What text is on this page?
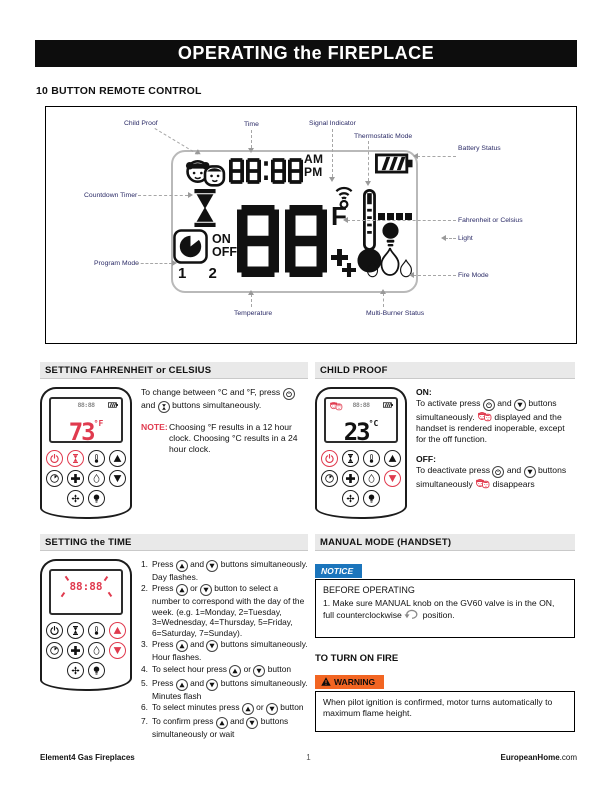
OPERATING the FIREPLACE
10 BUTTON REMOTE CONTROL
AM
PM
F
ON
OFF
1 2
Child Proof	Time	Signal Indicator
Thermostatic Mode
Battery Status
Countdown Timer
Program Mode
Fahrenheit or Celsius
Light
Fire Mode
Temperature	Multi-Burner Status
SETTING FAHRENHEIT or CELSIUS
88:88
$73^{^\circ F}$
To change between °C and °F, press
and buttons simultaneously.
NOTE: Choosing °F results in a 12 hour clock. Choosing °C results in a 24 hour clock.
CHILD PROOF
88:88
$23^{^\circ C}$
ON:
To activate press and buttons simultaneously. displayed and the handset is rendered inoperable, except for the off function.
OFF:
To deactivate press and buttons simultaneously disappears
SETTING the TIME
88:88
1. Press and buttons simultaneously. Day flashes.
2. Press or button to select a number to correspond with the day of the week. (e.g. 1=Monday, 2=Tuesday, 3=Wednesday, 4=Thursday, 5=Friday, 6=Saturday, 7=Sunday).
3. Press and buttons simultaneously. Hour flashes.
4. To select hour press or button
5. Press and buttons simultaneously. Minutes flash
6. To select minutes press or button
7. To confirm press and buttons simultaneously or wait
MANUAL MODE (HANDSET)
NOTICE
BEFORE OPERATING
1. Make sure MANUAL knob on the GV60 valve is in the ON, full counterclockwise position.
TO TURN ON FIRE
WARNING
When pilot ignition is confirmed, motor turns automatically to maximum flame height.
Element4 Gas Fireplaces	1	EuropeanHome.com
